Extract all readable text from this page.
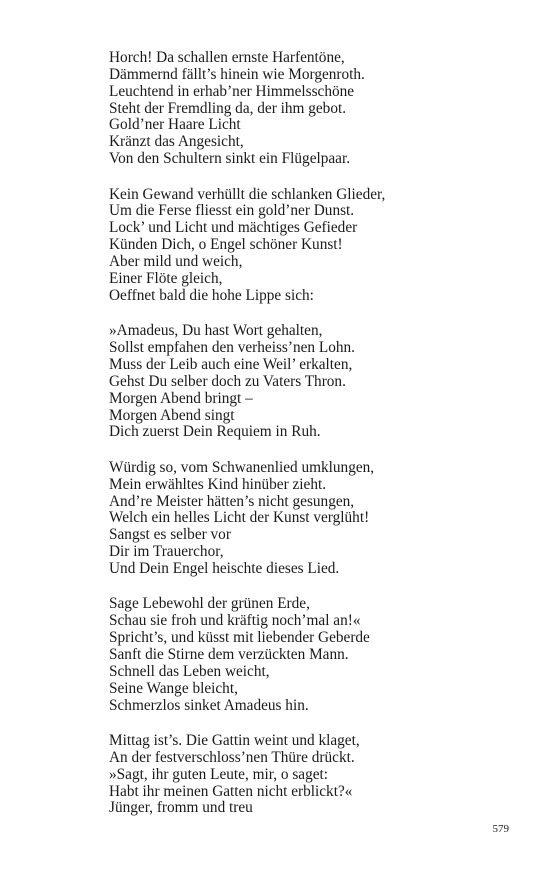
Horch! Da schallen ernste Harfentöne,
Dämmernd fällt’s hinein wie Morgenroth.
Leuchtend in erhab’ner Himmelsschöne
Steht der Fremdling da, der ihm gebot.
Gold’ner Haare Licht
Kränzt das Angesicht,
Von den Schultern sinkt ein Flügelpaar.
Kein Gewand verhüllt die schlanken Glieder,
Um die Ferse fliesst ein gold’ner Dunst.
Lock’ und Licht und mächtiges Gefieder
Künden Dich, o Engel schöner Kunst!
Aber mild und weich,
Einer Flöte gleich,
Oeffnet bald die hohe Lippe sich:
»Amadeus, Du hast Wort gehalten,
Sollst empfahen den verheiss’nen Lohn.
Muss der Leib auch eine Weil’ erkalten,
Gehst Du selber doch zu Vaters Thron.
Morgen Abend bringt –
Morgen Abend singt
Dich zuerst Dein Requiem in Ruh.
Würdig so, vom Schwanenlied umklungen,
Mein erwähltes Kind hinüber zieht.
And’re Meister hätten’s nicht gesungen,
Welch ein helles Licht der Kunst verglüht!
Sangst es selber vor
Dir im Trauerchor,
Und Dein Engel heischte dieses Lied.
Sage Lebewohl der grünen Erde,
Schau sie froh und kräftig noch’mal an!«
Spricht’s, und küsst mit liebender Geberde
Sanft die Stirne dem verzückten Mann.
Schnell das Leben weicht,
Seine Wange bleicht,
Schmerzlos sinket Amadeus hin.
Mittag ist’s. Die Gattin weint und klaget,
An der festverschloss’nen Thüre drückt.
»Sagt, ihr guten Leute, mir, o saget:
Habt ihr meinen Gatten nicht erblickt?«
Jünger, fromm und treu
579
